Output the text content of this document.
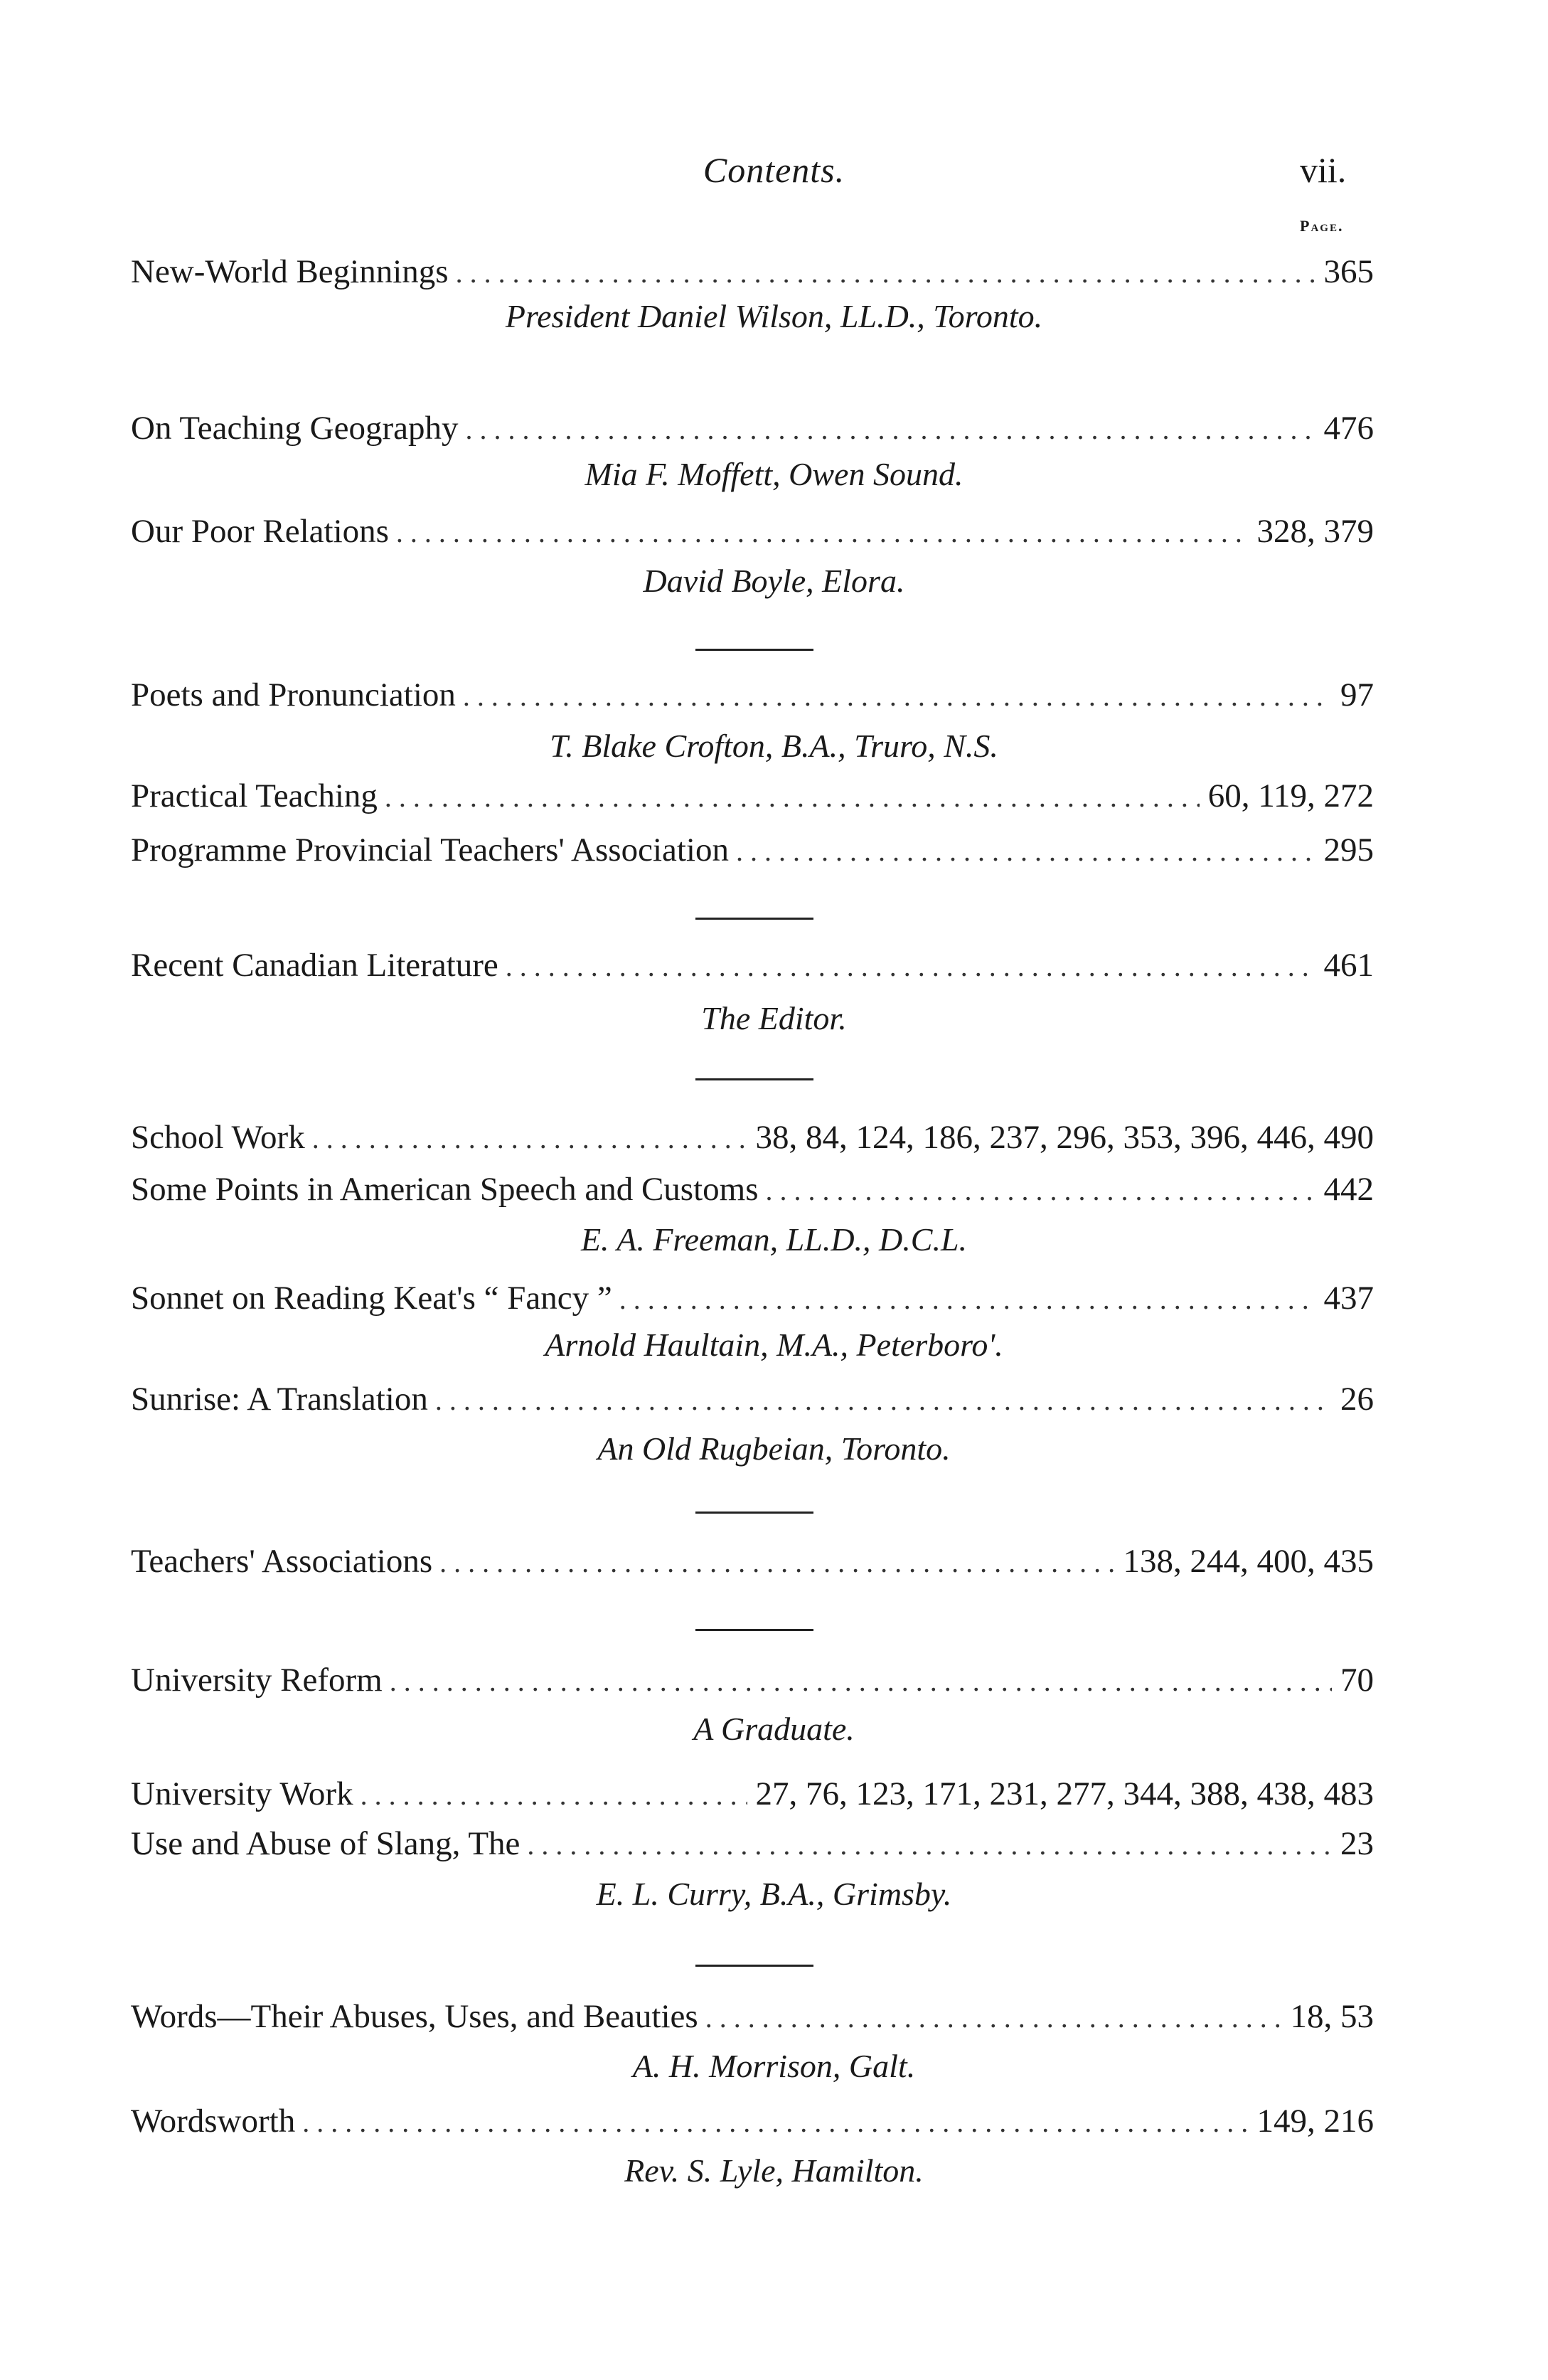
Contents.	vii.
Page.
New-World Beginnings . . .	365
President Daniel Wilson, LL.D., Toronto.
On Teaching Geography . . .	476
Mia F. Moffett, Owen Sound.
Our Poor Relations . . .	328, 379
David Boyle, Elora.
Poets and Pronunciation . . .	97
T. Blake Crofton, B.A., Truro, N.S.
Practical Teaching . . .	60, 119, 272
Programme Provincial Teachers' Association . . .	295
Recent Canadian Literature . . .	461
The Editor.
School Work . . .	38, 84, 124, 186, 237, 296, 353, 396, 446, 490
Some Points in American Speech and Customs . . .	442
E. A. Freeman, LL.D., D.C.L.
Sonnet on Reading Keat's “ Fancy ” . . .	437
Arnold Haultain, M.A., Peterboro'.
Sunrise: A Translation . . .	26
An Old Rugbeian, Toronto.
Teachers' Associations . . .	138, 244, 400, 435
University Reform . . .	70
A Graduate.
University Work . . .	27, 76, 123, 171, 231, 277, 344, 388, 438, 483
Use and Abuse of Slang, The . . .	23
E. L. Curry, B.A., Grimsby.
Words—Their Abuses, Uses, and Beauties . . .	18, 53
A. H. Morrison, Galt.
Wordsworth . . .	149, 216
Rev. S. Lyle, Hamilton.
